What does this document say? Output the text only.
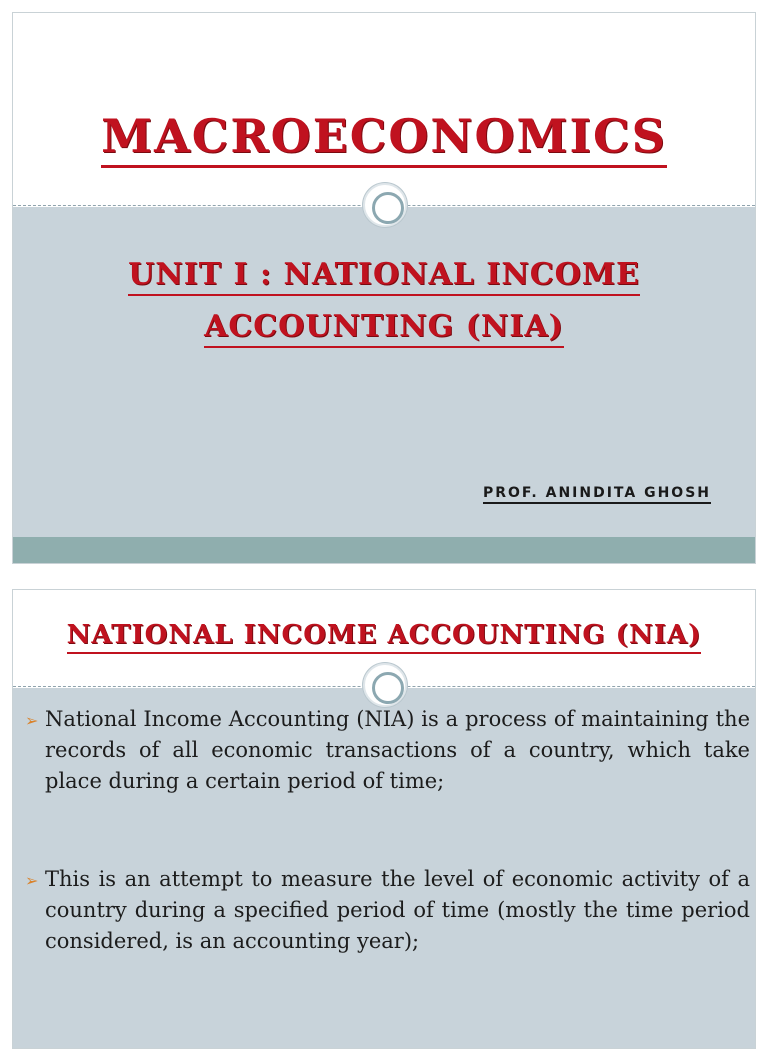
MACROECONOMICS
UNIT I : NATIONAL INCOME
ACCOUNTING (NIA)
PROF. ANINDITA GHOSH
NATIONAL INCOME ACCOUNTING (NIA)
➢ National Income Accounting (NIA) is a process of maintaining the records of all economic transactions of a country, which take place during a certain period of time;
➢ This is an attempt to measure the level of economic activity of a country during a specified period of time (mostly the time period considered, is an accounting year);
